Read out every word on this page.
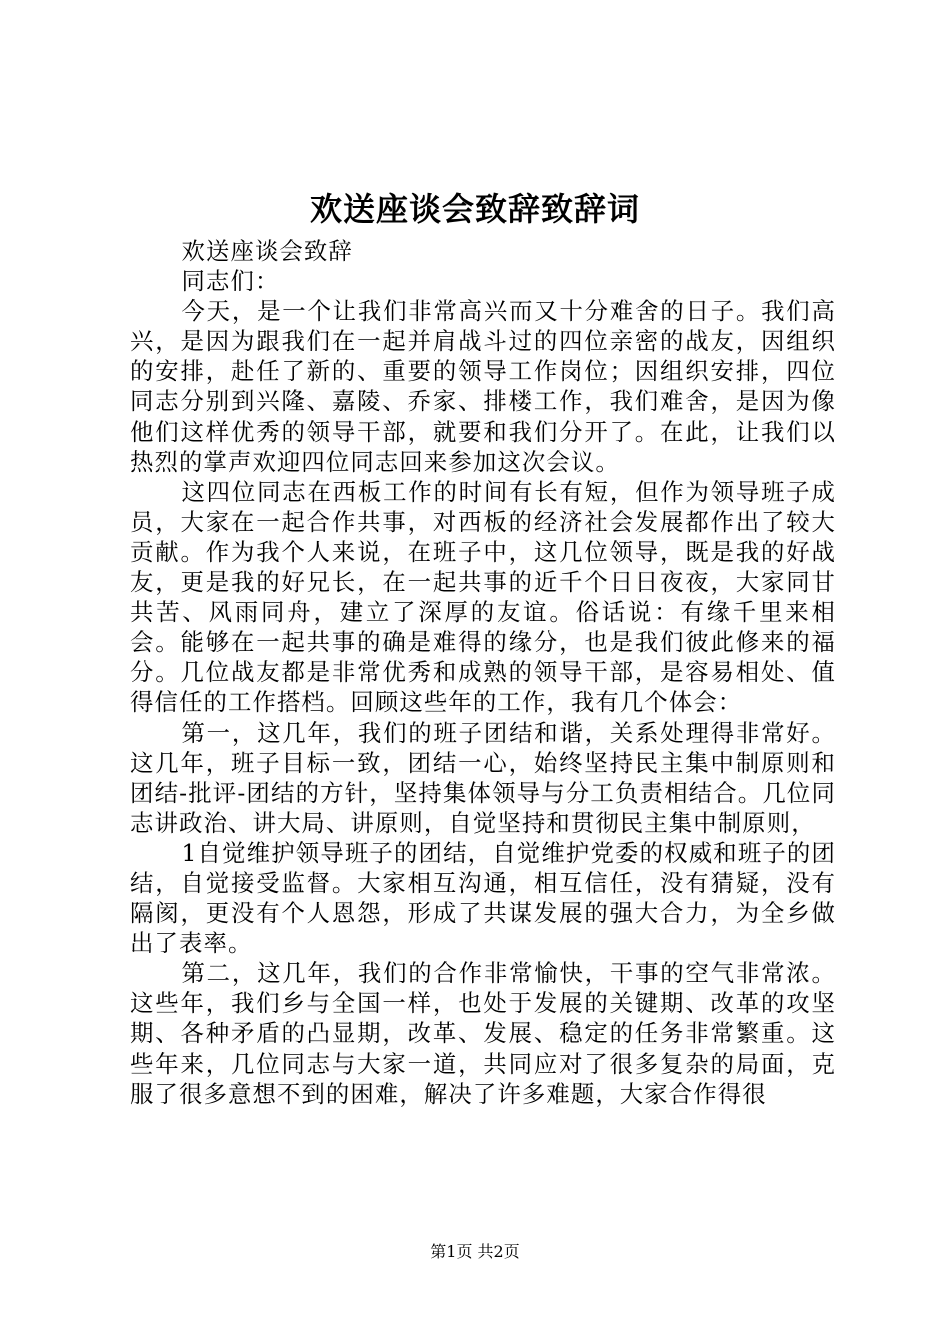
欢送座谈会致辞致辞词

欢送座谈会致辞

同志们：

今天，是一个让我们非常高兴而又十分难舍的日子。我们高兴，是因为跟我们在一起并肩战斗过的四位亲密的战友，因组织的安排，赴任了新的、重要的领导工作岗位；因组织安排，四位同志分别到兴隆、嘉陵、乔家、排楼工作，我们难舍，是因为像他们这样优秀的领导干部，就要和我们分开了。在此，让我们以热烈的掌声欢迎四位同志回来参加这次会议。

这四位同志在西板工作的时间有长有短，但作为领导班子成员，大家在一起合作共事，对西板的经济社会发展都作出了较大贡献。作为我个人来说，在班子中，这几位领导，既是我的好战友，更是我的好兄长，在一起共事的近千个日日夜夜，大家同甘共苦、风雨同舟，建立了深厚的友谊。俗话说：有缘千里来相会。能够在一起共事的确是难得的缘分，也是我们彼此修来的福分。几位战友都是非常优秀和成熟的领导干部，是容易相处、值得信任的工作搭档。回顾这些年的工作，我有几个体会：

第一，这几年，我们的班子团结和谐，关系处理得非常好。这几年，班子目标一致，团结一心，始终坚持民主集中制原则和团结-批评-团结的方针，坚持集体领导与分工负责相结合。几位同志讲政治、讲大局、讲原则，自觉坚持和贯彻民主集中制原则，

1自觉维护领导班子的团结，自觉维护党委的权威和班子的团结，自觉接受监督。大家相互沟通，相互信任，没有猜疑，没有隔阂，更没有个人恩怨，形成了共谋发展的强大合力，为全乡做出了表率。

第二，这几年，我们的合作非常愉快，干事的空气非常浓。这些年，我们乡与全国一样，也处于发展的关键期、改革的攻坚期、各种矛盾的凸显期，改革、发展、稳定的任务非常繁重。这些年来，几位同志与大家一道，共同应对了很多复杂的局面，克服了很多意想不到的困难，解决了许多难题，大家合作得很

第1页 共2页
